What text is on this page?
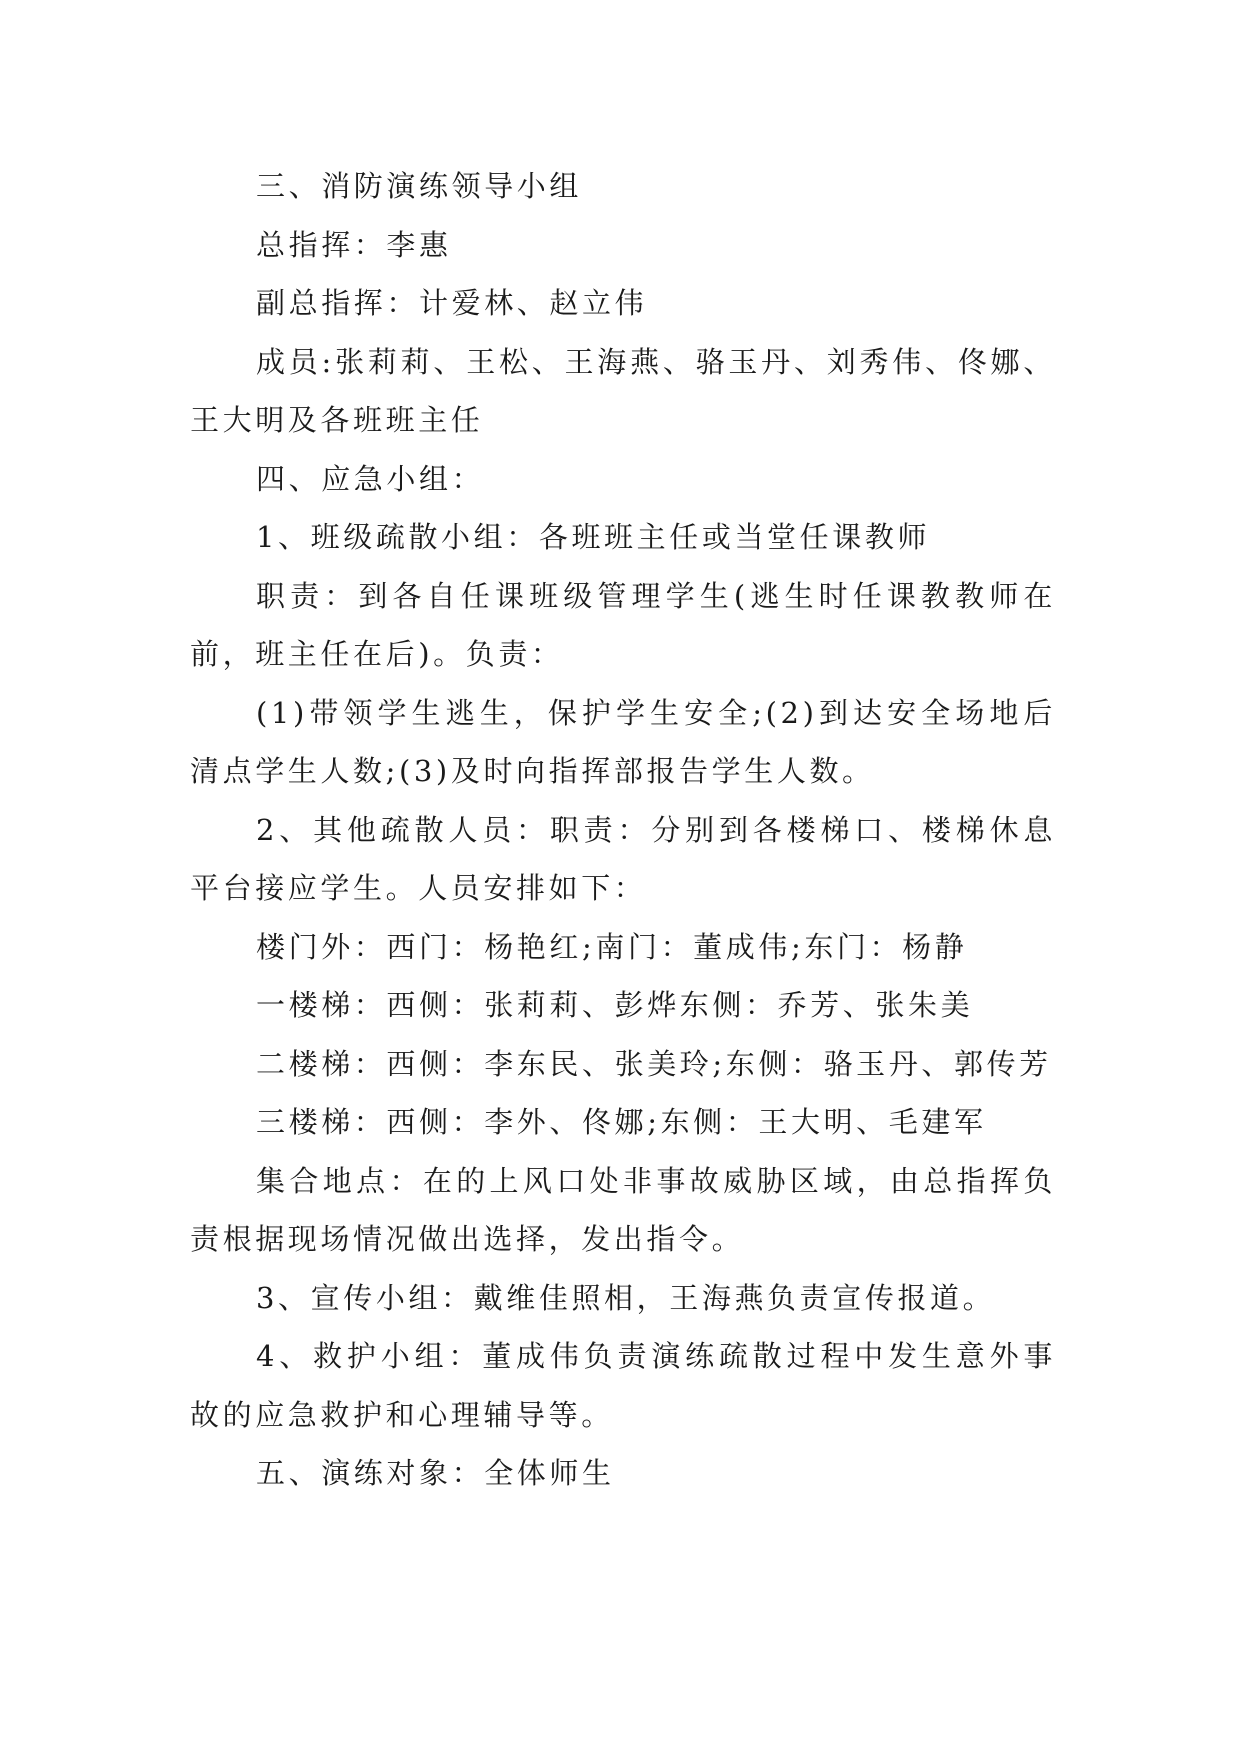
三、消防演练领导小组

总指挥：李惠

副总指挥：计爱林、赵立伟

成员:张莉莉、王松、王海燕、骆玉丹、刘秀伟、佟娜、王大明及各班班主任

四、应急小组：

1、班级疏散小组：各班班主任或当堂任课教师

职责：到各自任课班级管理学生(逃生时任课教教师在前，班主任在后)。负责：

(1)带领学生逃生，保护学生安全;(2)到达安全场地后清点学生人数;(3)及时向指挥部报告学生人数。

2、其他疏散人员：职责：分别到各楼梯口、楼梯休息平台接应学生。人员安排如下：

楼门外：西门：杨艳红;南门：董成伟;东门：杨静

一楼梯：西侧：张莉莉、彭烨东侧：乔芳、张朱美

二楼梯：西侧：李东民、张美玲;东侧：骆玉丹、郭传芳

三楼梯：西侧：李外、佟娜;东侧：王大明、毛建军

集合地点：在的上风口处非事故威胁区域，由总指挥负责根据现场情况做出选择，发出指令。

3、宣传小组：戴维佳照相，王海燕负责宣传报道。

4、救护小组：董成伟负责演练疏散过程中发生意外事故的应急救护和心理辅导等。

五、演练对象：全体师生
